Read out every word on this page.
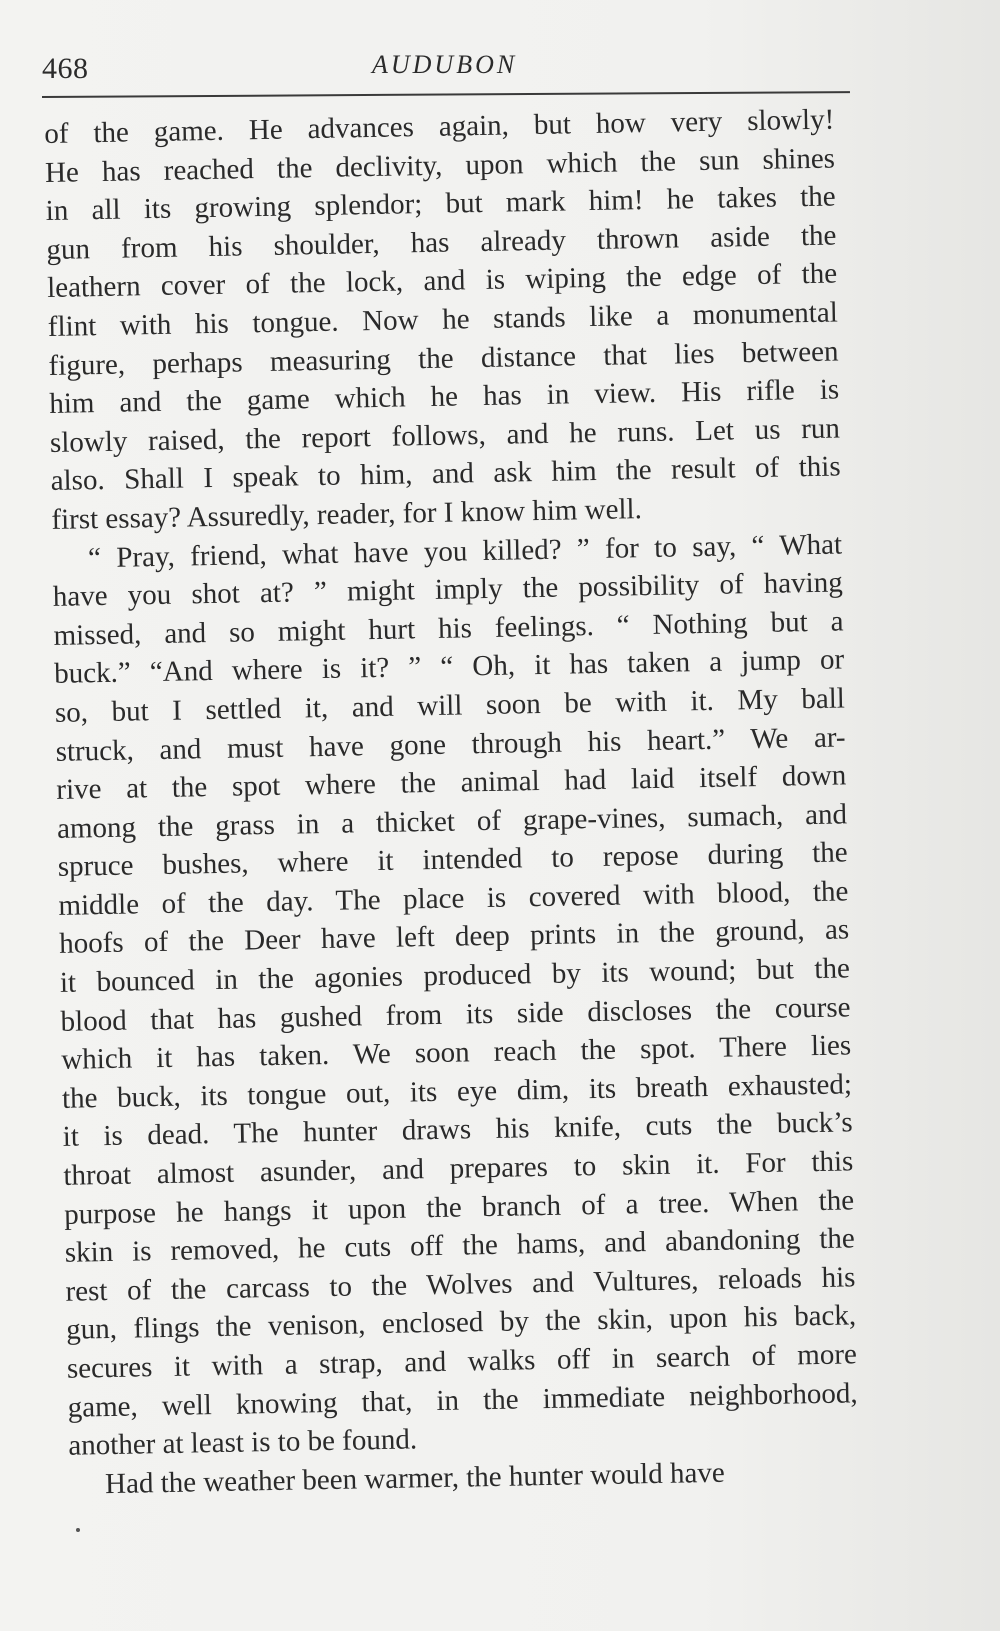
468	AUDUBON
of the game. He advances again, but how very slowly!
He has reached the declivity, upon which the sun shines
in all its growing splendor; but mark him! he takes the
gun from his shoulder, has already thrown aside the
leathern cover of the lock, and is wiping the edge of the
flint with his tongue. Now he stands like a monumental
figure, perhaps measuring the distance that lies between
him and the game which he has in view. His rifle is
slowly raised, the report follows, and he runs. Let us run
also. Shall I speak to him, and ask him the result of this
first essay? Assuredly, reader, for I know him well.
“ Pray, friend, what have you killed? ” for to say, “ What
have you shot at? ” might imply the possibility of having
missed, and so might hurt his feelings. “ Nothing but a
buck.” “And where is it? ” “ Oh, it has taken a jump or
so, but I settled it, and will soon be with it. My ball
struck, and must have gone through his heart.” We ar-
rive at the spot where the animal had laid itself down
among the grass in a thicket of grape-vines, sumach, and
spruce bushes, where it intended to repose during the
middle of the day. The place is covered with blood, the
hoofs of the Deer have left deep prints in the ground, as
it bounced in the agonies produced by its wound; but the
blood that has gushed from its side discloses the course
which it has taken. We soon reach the spot. There lies
the buck, its tongue out, its eye dim, its breath exhausted;
it is dead. The hunter draws his knife, cuts the buck’s
throat almost asunder, and prepares to skin it. For this
purpose he hangs it upon the branch of a tree. When the
skin is removed, he cuts off the hams, and abandoning the
rest of the carcass to the Wolves and Vultures, reloads his
gun, flings the venison, enclosed by the skin, upon his back,
secures it with a strap, and walks off in search of more
game, well knowing that, in the immediate neighborhood,
another at least is to be found.
Had the weather been warmer, the hunter would have
